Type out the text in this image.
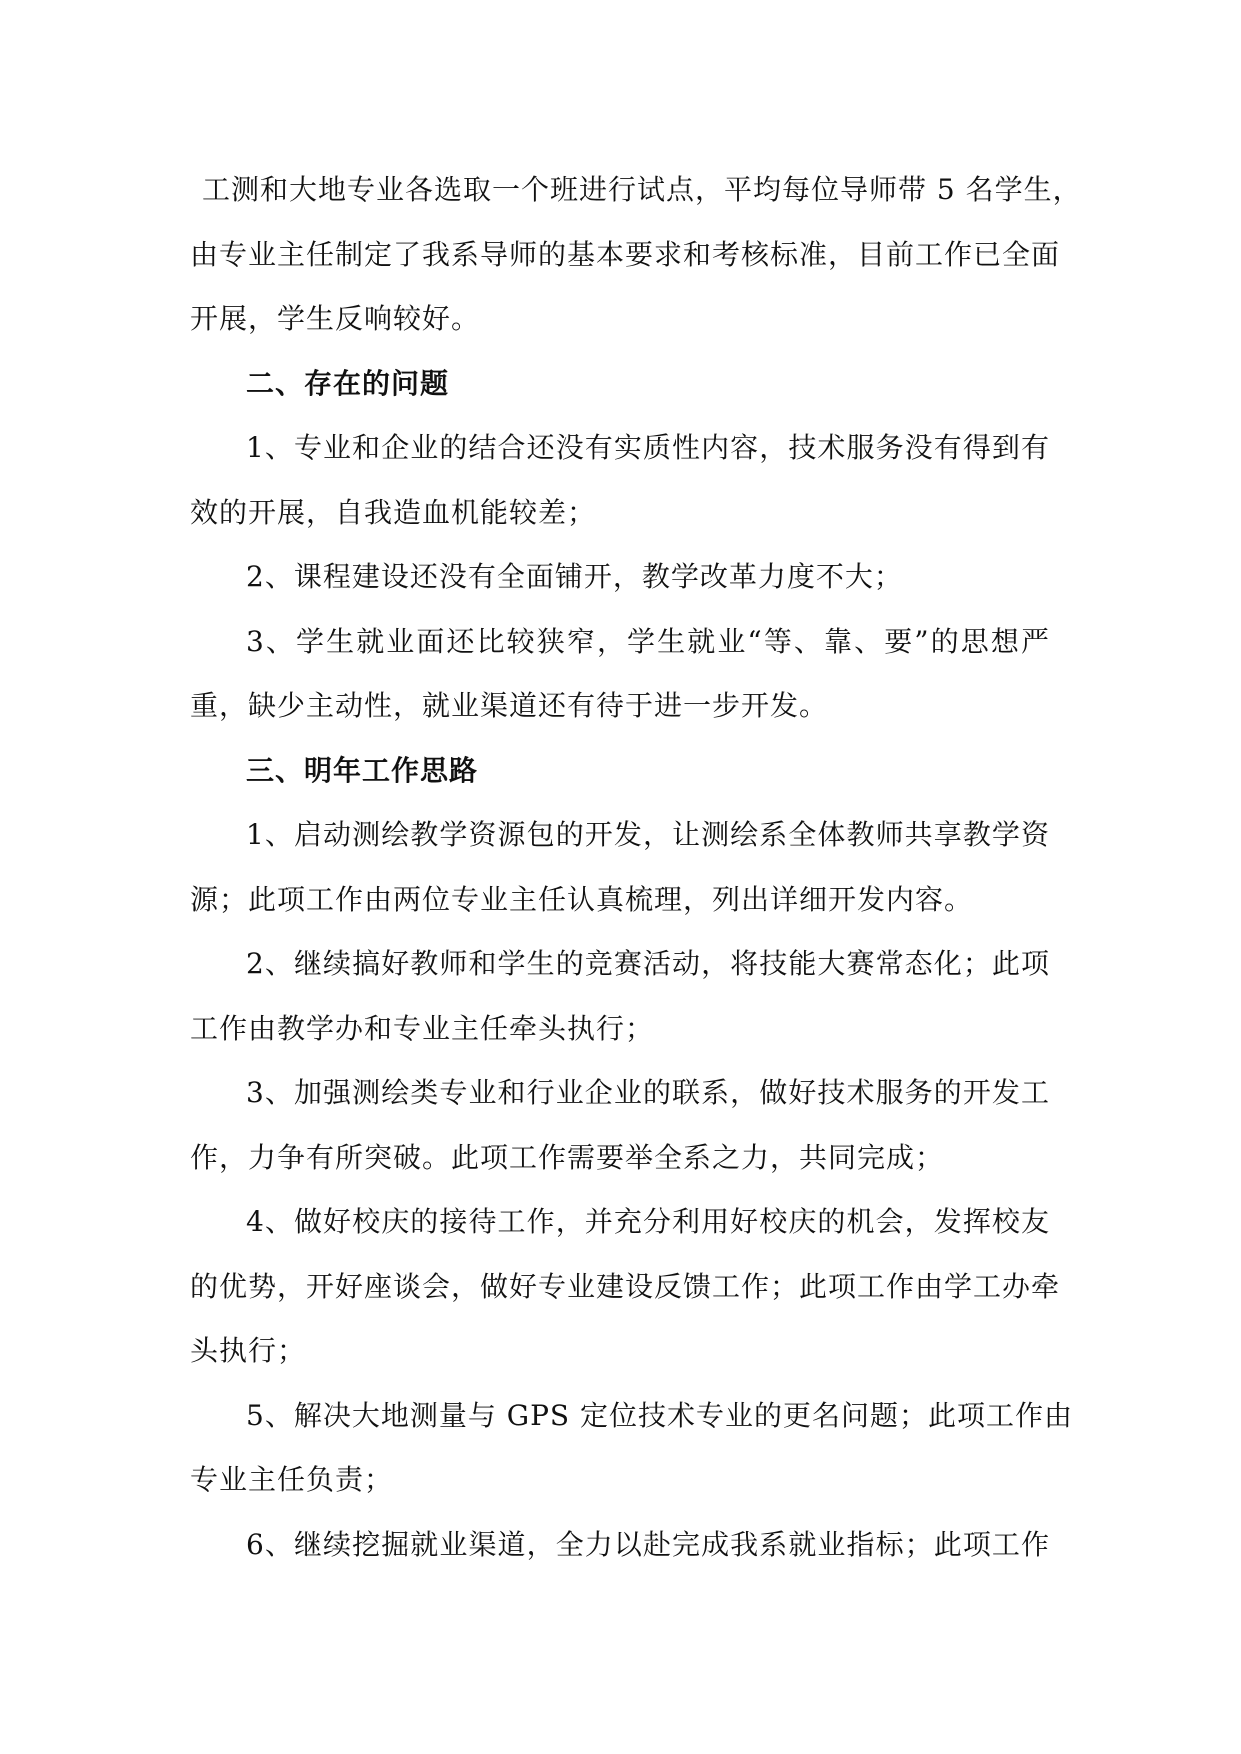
工测和大地专业各选取一个班进行试点，平均每位导师带 5 名学生，
由专业主任制定了我系导师的基本要求和考核标准，目前工作已全面
开展，学生反响较好。
二、存在的问题
1、专业和企业的结合还没有实质性内容，技术服务没有得到有
效的开展，自我造血机能较差；
2、课程建设还没有全面铺开，教学改革力度不大；
3、学生就业面还比较狭窄，学生就业“等、靠、要”的思想严
重，缺少主动性，就业渠道还有待于进一步开发。
三、明年工作思路
1、启动测绘教学资源包的开发，让测绘系全体教师共享教学资
源；此项工作由两位专业主任认真梳理，列出详细开发内容。
2、继续搞好教师和学生的竞赛活动，将技能大赛常态化；此项
工作由教学办和专业主任牵头执行；
3、加强测绘类专业和行业企业的联系，做好技术服务的开发工
作，力争有所突破。此项工作需要举全系之力，共同完成；
4、做好校庆的接待工作，并充分利用好校庆的机会，发挥校友
的优势，开好座谈会，做好专业建设反馈工作；此项工作由学工办牵
头执行；
5、解决大地测量与 GPS 定位技术专业的更名问题；此项工作由
专业主任负责；
6、继续挖掘就业渠道，全力以赴完成我系就业指标；此项工作
